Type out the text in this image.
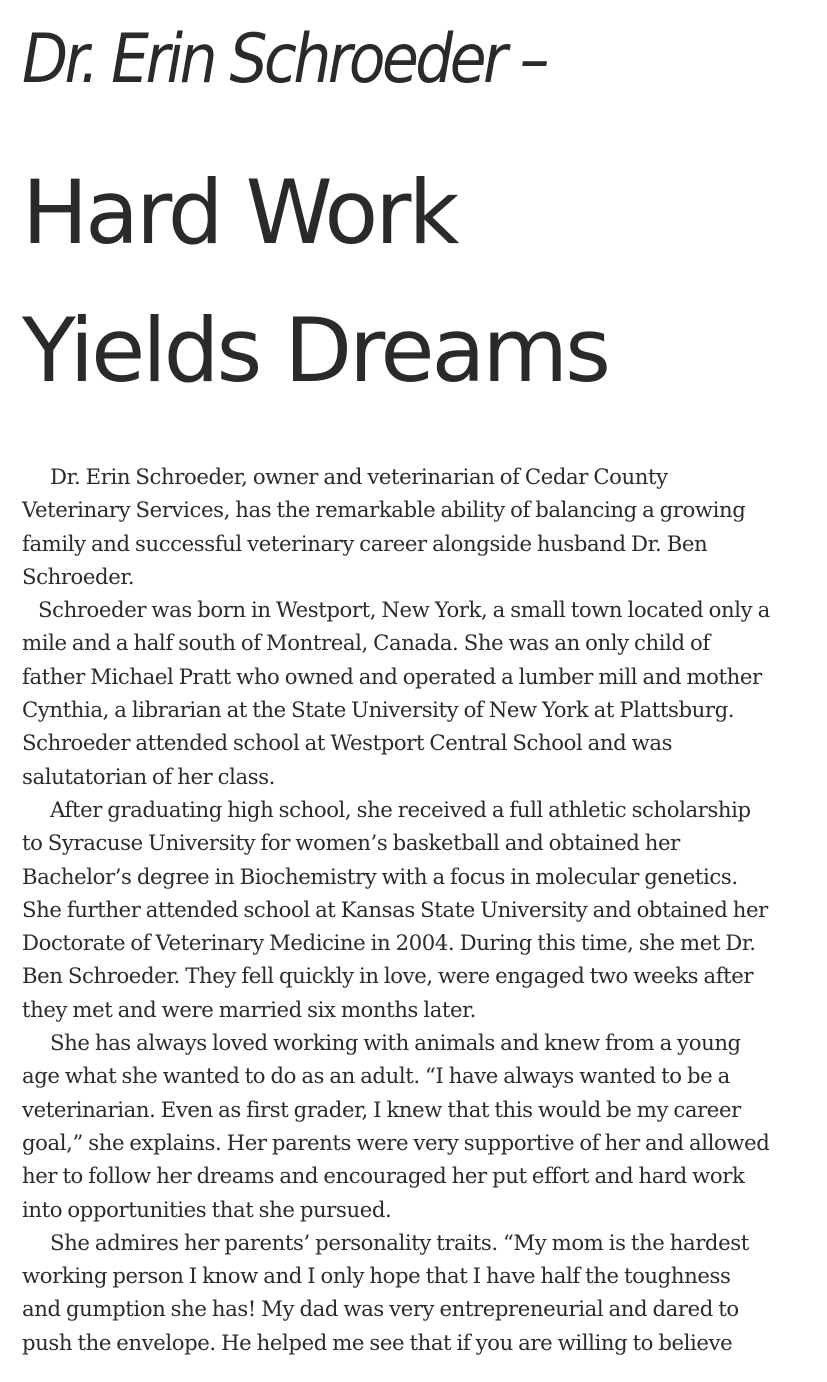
Dr. Erin Schroeder –
Hard Work
Yields Dreams

Dr. Erin Schroeder, owner and veterinarian of Cedar County Veterinary Services, has the remarkable ability of balancing a growing family and successful veterinary career alongside husband Dr. Ben Schroeder.

Schroeder was born in Westport, New York, a small town located only a mile and a half south of Montreal, Canada. She was an only child of father Michael Pratt who owned and operated a lumber mill and mother Cynthia, a librarian at the State University of New York at Plattsburg. Schroeder attended school at Westport Central School and was salutatorian of her class.

After graduating high school, she received a full athletic scholarship to Syracuse University for women’s basketball and obtained her Bachelor’s degree in Biochemistry with a focus in molecular genetics. She further attended school at Kansas State University and obtained her Doctorate of Veterinary Medicine in 2004. During this time, she met Dr. Ben Schroeder. They fell quickly in love, were engaged two weeks after they met and were married six months later.

She has always loved working with animals and knew from a young age what she wanted to do as an adult. “I have always wanted to be a veterinarian. Even as first grader, I knew that this would be my career goal,” she explains. Her parents were very supportive of her and allowed her to follow her dreams and encouraged her put effort and hard work into opportunities that she pursued.

She admires her parents’ personality traits. “My mom is the hardest working person I know and I only hope that I have half the toughness and gumption she has! My dad was very entrepreneurial and dared to push the envelope. He helped me see that if you are willing to believe
